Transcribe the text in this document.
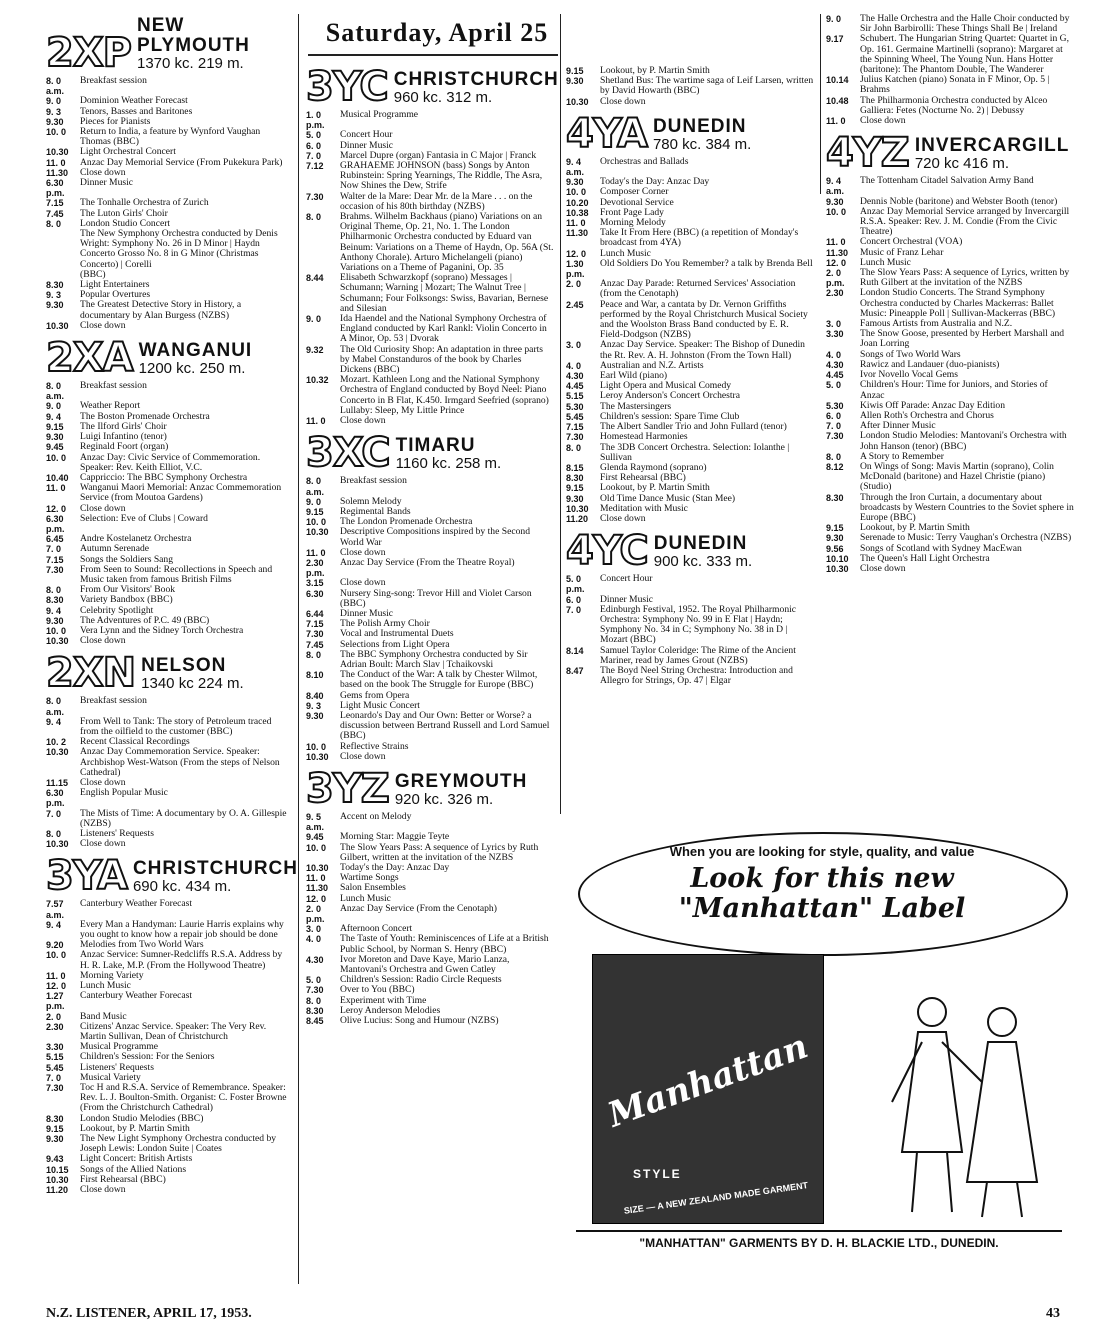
Saturday, April 25
2XP
NEW PLYMOUTH
1370 kc. 219 m.
8. 0 a.m.
Breakfast session
9. 0	Dominion Weather Forecast
9. 3	Tenors, Basses and Baritones
9.30	Pieces for Pianists
10. 0	Return to India, a feature by Wynford Vaughan Thomas (BBC)
10.30	Light Orchestral Concert
11. 0	Anzac Day Memorial Service (From Pukekura Park)
11.30	Close down
6.30 p.m.
Dinner Music
7.15	The Tonhalle Orchestra of Zurich
7.45	The Luton Girls' Choir
8. 0	London Studio Concert
The New Symphony Orchestra conducted by Denis Wright: Symphony No. 26 in D Minor | Haydn
Concerto Grosso No. 8 in G Minor (Christmas Concerto) | Corelli
(BBC)
8.30	Light Entertainers
9. 3	Popular Overtures
9.30	The Greatest Detective Story in History, a documentary by Alan Burgess (NZBS)
10.30	Close down
2XA WANGANUI
1200 kc. 250 m.
8. 0 a.m.
Breakfast session
9. 0	Weather Report
9. 4	The Boston Promenade Orchestra
9.15	The Ilford Girls' Choir
9.30	Luigi Infantino (tenor)
9.45	Reginald Foort (organ)
10. 0	Anzac Day: Civic Service of Commemoration. Speaker: Rev. Keith Elliot, V.C.
10.40	Cappriccio: The BBC Symphony Orchestra
11. 0	Wanganui Maori Memorial: Anzac Commemoration Service (from Moutoa Gardens)
12. 0	Close down
6.30 p.m.
Selection: Eve of Clubs | Coward
6.45	Andre Kostelanetz Orchestra
7. 0	Autumn Serenade
7.15	Songs the Soldiers Sang
7.30	From Seen to Sound: Recollections in Speech and Music taken from famous British Films
8. 0	From Our Visitors' Book
8.30	Variety Bandbox (BBC)
9. 4	Celebrity Spotlight
9.30	The Adventures of P.C. 49 (BBC)
10. 0	Vera Lynn and the Sidney Torch Orchestra
10.30	Close down
2XN NELSON
1340 kc 224 m.
8. 0 a.m.
Breakfast session
9. 4	From Well to Tank: The story of Petroleum traced from the oilfield to the customer (BBC)
10. 2	Recent Classical Recordings
10.30	Anzac Day Commemoration Service. Speaker: Archbishop West-Watson (From the steps of Nelson Cathedral)
11.15	Close down
6.30 p.m.
English Popular Music
7. 0	The Mists of Time: A documentary by O. A. Gillespie (NZBS)
8. 0	Listeners' Requests
10.30	Close down
3YA CHRISTCHURCH
690 kc. 434 m.
7.57 a.m.
Canterbury Weather Forecast
9. 4	Every Man a Handyman: Laurie Harris explains why you ought to know how a repair job should be done
9.20	Melodies from Two World Wars
10. 0	Anzac Service: Sumner-Redcliffs R.S.A. Address by H. R. Lake, M.P. (From the Hollywood Theatre)
11. 0	Morning Variety
12. 0	Lunch Music
1.27 p.m.
Canterbury Weather Forecast
2. 0	Band Music
2.30	Citizens' Anzac Service. Speaker: The Very Rev. Martin Sullivan, Dean of Christchurch
3.30	Musical Programme
5.15	Children's Session: For the Seniors
5.45	Listeners' Requests
7. 0	Musical Variety
7.30	Toc H and R.S.A. Service of Remembrance. Speaker: Rev. L. J. Boulton-Smith. Organist: C. Foster Browne (From the Christchurch Cathedral)
8.30	London Studio Melodies (BBC)
9.15	Lookout, by P. Martin Smith
9.30	The New Light Symphony Orchestra conducted by Joseph Lewis: London Suite | Coates
9.43	Light Concert: British Artists
10.15	Songs of the Allied Nations
10.30	First Rehearsal (BBC)
11.20	Close down
3YC CHRISTCHURCH
960 kc. 312 m.
1. 0 p.m.
Musical Programme
5. 0	Concert Hour
6. 0	Dinner Music
7. 0	Marcel Dupre (organ) Fantasia in C Major | Franck
7.12	GRAHAEME JOHNSON (bass) Songs by Anton Rubinstein: Spring Yearnings, The Riddle, The Asra, Now Shines the Dew, Strife
7.30	Walter de la Mare: Dear Mr. de la Mare . . . on the occasion of his 80th birthday (NZBS)
8. 0	Brahms. Wilhelm Backhaus (piano) Variations on an Original Theme, Op. 21, No. 1. The London Philharmonic Orchestra conducted by Eduard van Beinum: Variations on a Theme of Haydn, Op. 56A (St. Anthony Chorale). Arturo Michelangeli (piano) Variations on a Theme of Paganini, Op. 35
8.44	Elisabeth Schwarzkopf (soprano) Messages | Schumann; Warning | Mozart; The Walnut Tree | Schumann; Four Folksongs: Swiss, Bavarian, Bernese and Silesian
9. 0	Ida Haendel and the National Symphony Orchestra of England conducted by Karl Rankl: Violin Concerto in A Minor, Op. 53 | Dvorak
9.32	The Old Curiosity Shop: An adaptation in three parts by Mabel Constanduros of the book by Charles Dickens (BBC)
10.32	Mozart. Kathleen Long and the National Symphony Orchestra of England conducted by Boyd Neel: Piano Concerto in B Flat, K.450. Irmgard Seefried (soprano) Lullaby: Sleep, My Little Prince
11. 0	Close down
3XC TIMARU
1160 kc. 258 m.
8. 0 a.m.
Breakfast session
9. 0	Solemn Melody
9.15	Regimental Bands
10. 0	The London Promenade Orchestra
10.30	Descriptive Compositions inspired by the Second World War
11. 0	Close down
2.30 p.m.
Anzac Day Service (From the Theatre Royal)
3.15	Close down
6.30	Nursery Sing-song: Trevor Hill and Violet Carson (BBC)
6.44	Dinner Music
7.15	The Polish Army Choir
7.30	Vocal and Instrumental Duets
7.45	Selections from Light Opera
8. 0	The BBC Symphony Orchestra conducted by Sir Adrian Boult: March Slav | Tchaikovski
8.10	The Conduct of the War: A talk by Chester Wilmot, based on the book The Struggle for Europe (BBC)
8.40	Gems from Opera
9. 3	Light Music Concert
9.30	Leonardo's Day and Our Own: Better or Worse? a discussion between Bertrand Russell and Lord Samuel (BBC)
10. 0	Reflective Strains
10.30	Close down
3YZ GREYMOUTH
920 kc. 326 m.
9. 5 a.m.
Accent on Melody
9.45	Morning Star: Maggie Teyte
10. 0	The Slow Years Pass: A sequence of Lyrics by Ruth Gilbert, written at the invitation of the NZBS
10.30	Today's the Day: Anzac Day
11. 0	Wartime Songs
11.30	Salon Ensembles
12. 0	Lunch Music
2. 0 p.m.
Anzac Day Service (From the Cenotaph)
3. 0	Afternoon Concert
4. 0	The Taste of Youth: Reminiscences of Life at a British Public School, by Norman S. Henry (BBC)
4.30	Ivor Moreton and Dave Kaye, Mario Lanza, Mantovani's Orchestra and Gwen Catley
5. 0	Children's Session: Radio Circle Requests
7.30	Over to You (BBC)
8. 0	Experiment with Time
8.30	Leroy Anderson Melodies
8.45	Olive Lucius: Song and Humour (NZBS)
9.15	Lookout, by P. Martin Smith
9.30	Shetland Bus: The wartime saga of Leif Larsen, written by David Howarth (BBC)
10.30	Close down
4YA DUNEDIN
780 kc. 384 m.
9. 4 a.m.
Orchestras and Ballads
9.30	Today's the Day: Anzac Day
10. 0	Composer Corner
10.20	Devotional Service
10.38	Front Page Lady
11. 0	Morning Melody
11.30	Take It From Here (BBC) (a repetition of Monday's broadcast from 4YA)
12. 0	Lunch Music
1.30 p.m.
Old Soldiers Do You Remember? a talk by Brenda Bell
2. 0	Anzac Day Parade: Returned Services' Association (from the Cenotaph)
2.45	Peace and War, a cantata by Dr. Vernon Griffiths performed by the Royal Christchurch Musical Society and the Woolston Brass Band conducted by E. R. Field-Dodgson (NZBS)
3. 0	Anzac Day Service. Speaker: The Bishop of Dunedin the Rt. Rev. A. H. Johnston (From the Town Hall)
4. 0	Australian and N.Z. Artists
4.30	Earl Wild (piano)
4.45	Light Opera and Musical Comedy
5.15	Leroy Anderson's Concert Orchestra
5.30	The Mastersingers
5.45	Children's session: Spare Time Club
7.15	The Albert Sandler Trio and John Fullard (tenor)
7.30	Homestead Harmonies
8. 0	The 3DB Concert Orchestra. Selection: Iolanthe | Sullivan
8.15	Glenda Raymond (soprano)
8.30	First Rehearsal (BBC)
9.15	Lookout, by P. Martin Smith
9.30	Old Time Dance Music (Stan Mee)
10.30	Meditation with Music
11.20	Close down
4YC DUNEDIN
900 kc. 333 m.
5. 0 p.m.
Concert Hour
6. 0	Dinner Music
7. 0	Edinburgh Festival, 1952. The Royal Philharmonic Orchestra: Symphony No. 99 in E Flat | Haydn; Symphony No. 34 in C; Symphony No. 38 in D | Mozart (BBC)
8.14	Samuel Taylor Coleridge: The Rime of the Ancient Mariner, read by James Grout (NZBS)
8.47	The Boyd Neel String Orchestra: Introduction and Allegro for Strings, Op. 47 | Elgar
9. 0	The Halle Orchestra and the Halle Choir conducted by Sir John Barbirolli: These Things Shall Be | Ireland
9.17	Schubert. The Hungarian String Quartet: Quartet in G, Op. 161. Germaine Martinelli (soprano): Margaret at the Spinning Wheel, The Young Nun. Hans Hotter (baritone): The Phantom Double, The Wanderer
10.14	Julius Katchen (piano) Sonata in F Minor, Op. 5 | Brahms
10.48	The Philharmonia Orchestra conducted by Alceo Galliera: Fetes (Nocturne No. 2) | Debussy
11. 0	Close down
4YZ INVERCARGILL
720 kc 416 m.
9. 4 a.m.
The Tottenham Citadel Salvation Army Band
9.30	Dennis Noble (baritone) and Webster Booth (tenor)
10. 0	Anzac Day Memorial Service arranged by Invercargill R.S.A. Speaker: Rev. J. M. Condie (From the Civic Theatre)
11. 0	Concert Orchestral (VOA)
11.30	Music of Franz Lehar
12. 0	Lunch Music
2. 0 p.m.
The Slow Years Pass: A sequence of Lyrics, written by Ruth Gilbert at the invitation of the NZBS
2.30	London Studio Concerts. The Strand Symphony Orchestra conducted by Charles Mackerras: Ballet Music: Pineapple Poll | Sullivan-Mackerras (BBC)
3. 0	Famous Artists from Australia and N.Z.
3.30	The Snow Goose, presented by Herbert Marshall and Joan Lorring
4. 0	Songs of Two World Wars
4.30	Rawicz and Landauer (duo-pianists)
4.45	Ivor Novello Vocal Gems
5. 0	Children's Hour: Time for Juniors, and Stories of Anzac
5.30	Kiwis Off Parade: Anzac Day Edition
6. 0	Allen Roth's Orchestra and Chorus
7. 0	After Dinner Music
7.30	London Studio Melodies: Mantovani's Orchestra with John Hanson (tenor) (BBC)
8. 0	A Story to Remember
8.12	On Wings of Song: Mavis Martin (soprano), Colin McDonald (baritone) and Hazel Christie (piano) (Studio)
8.30	Through the Iron Curtain, a documentary about broadcasts by Western Countries to the Soviet sphere in Europe (BBC)
9.15	Lookout, by P. Martin Smith
9.30	Serenade to Music: Terry Vaughan's Orchestra (NZBS)
9.56	Songs of Scotland with Sydney MacEwan
10.10	The Queen's Hall Light Orchestra
10.30	Close down
When you are looking for style, quality, and value
Look for this new "Manhattan" Label
Manhattan
STYLE
SIZE — A NEW ZEALAND MADE GARMENT
"MANHATTAN" GARMENTS BY D. H. BLACKIE LTD., DUNEDIN.
N.Z. LISTENER, APRIL 17, 1953.	43
